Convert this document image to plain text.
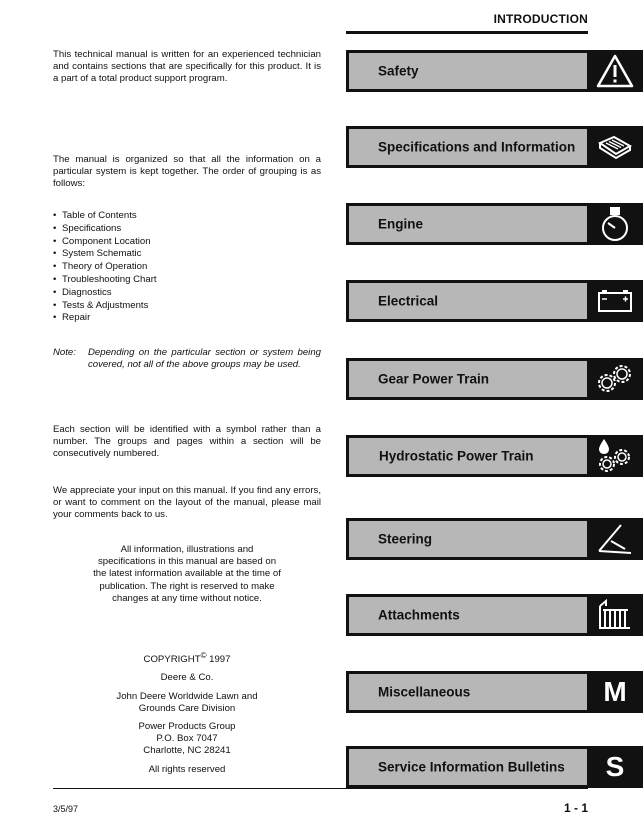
INTRODUCTION

This technical manual is written for an experienced technician and contains sections that are specifically for this product. It is a part of a total product support program.

The manual is organized so that all the information on a particular system is kept together. The order of grouping is as follows:

• Table of Contents
• Specifications
• Component Location
• System Schematic
• Theory of Operation
• Troubleshooting Chart
• Diagnostics
• Tests & Adjustments
• Repair
Note: Depending on the particular section or system being covered, not all of the above groups may be used.

Each section will be identified with a symbol rather than a number. The groups and pages within a section will be consecutively numbered.

We appreciate your input on this manual. If you find any errors, or want to comment on the layout of the manual, please mail your comments back to us.

All information, illustrations and

specifications in this manual are based on

the latest information available at the time of

publication. The right is reserved to make

changes at any time without notice.

COPYRIGHT© 1997

Deere & Co.

John Deere Worldwide Lawn and

Grounds Care Division

Power Products Group

P.O. Box 7047

Charlotte, NC 28241

All rights reserved

Safety
Specifications and Information
Engine
Electrical
Gear Power Train
Hydrostatic Power Train
Steering
Attachments
Miscellaneous	M
Service Information Bulletins S
3/5/97	1 - 1
